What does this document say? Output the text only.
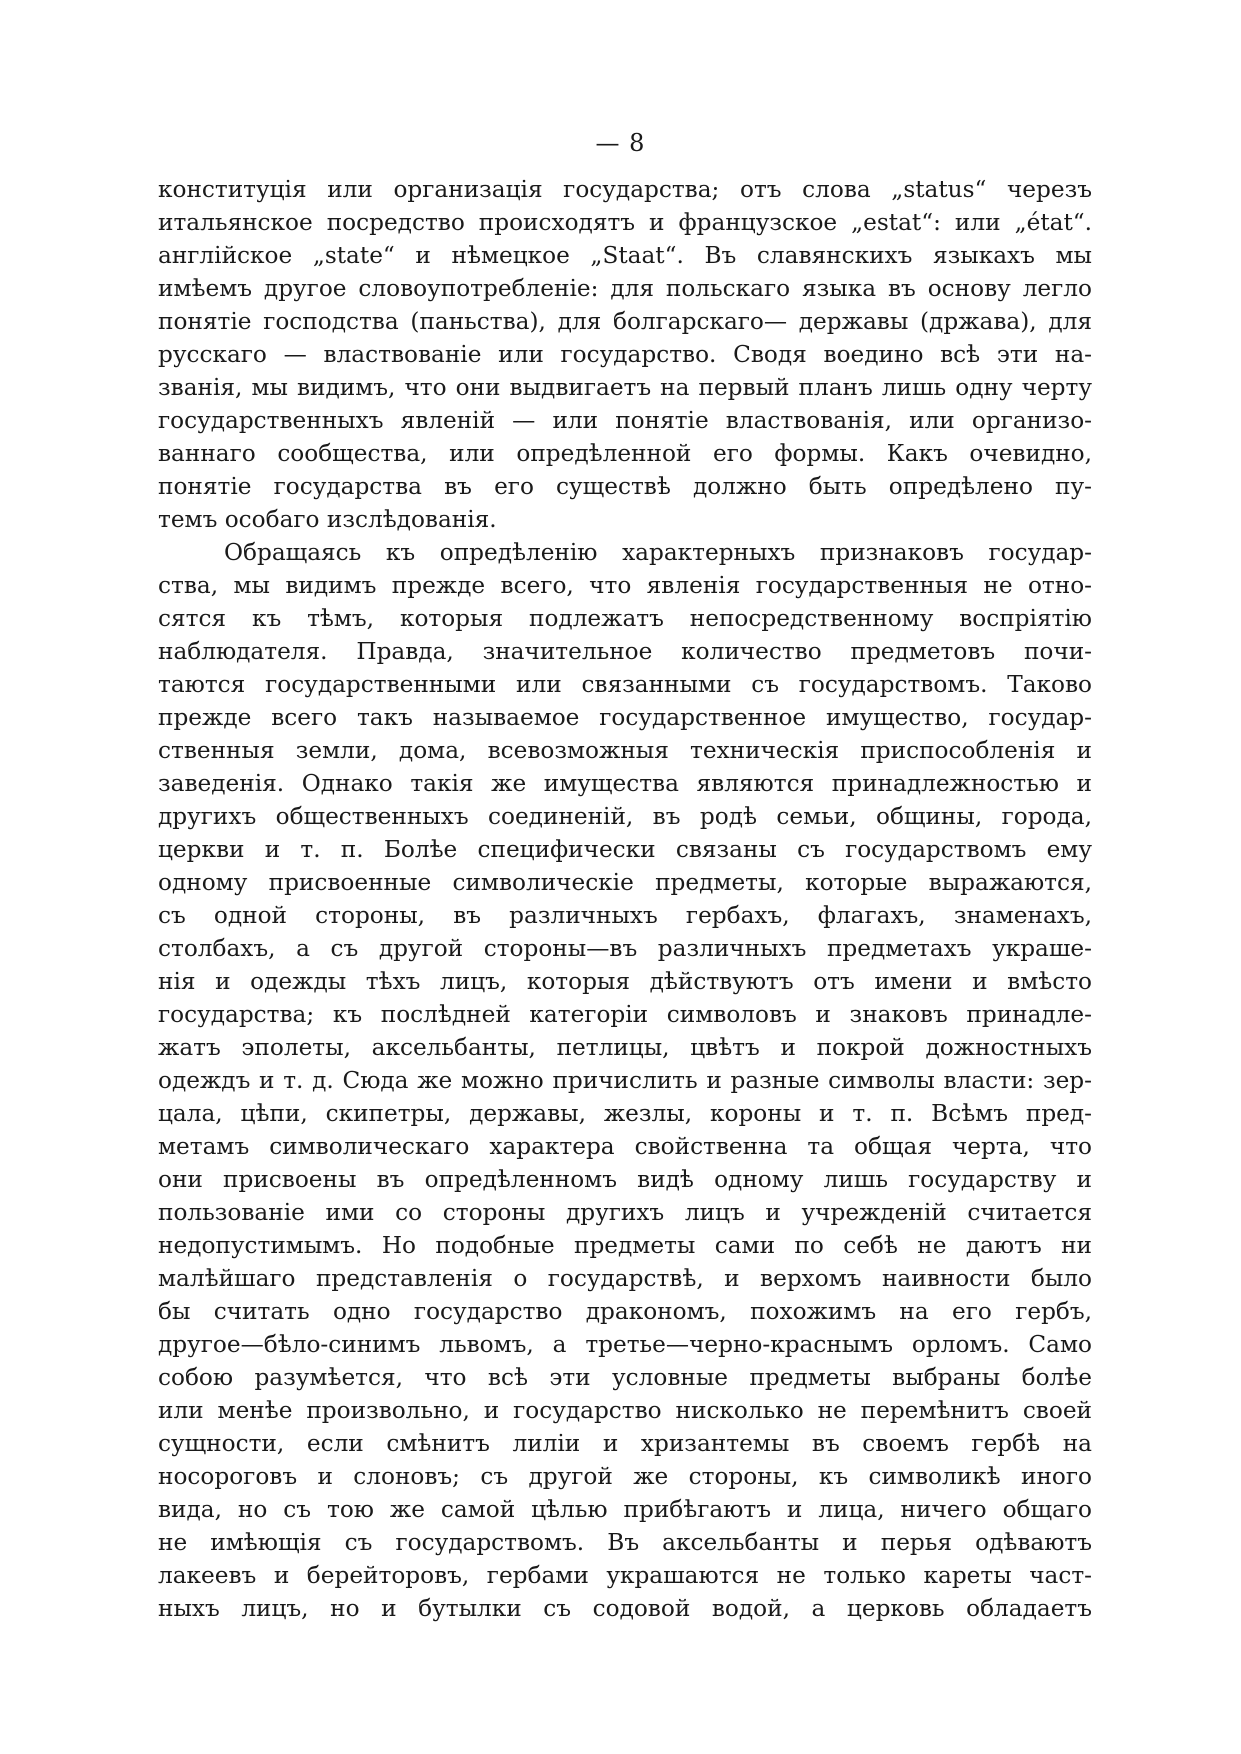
— 8
конституція или организація государства; отъ слова „status“ черезъ
итальянское посредство происходятъ и французское „estat“: или „état“.
англійское „state“ и нѣмецкое „Staat“. Въ славянскихъ языкахъ мы
имѣемъ другое словоупотребленіе: для польскаго языка въ основу легло
понятіе господства (паньства), для болгарскаго— державы (држава), для
русскаго — властвованіе или государство. Сводя воедино всѣ эти на-
званія, мы видимъ, что они выдвигаетъ на первый планъ лишь одну черту
государственныхъ явленій — или понятіе властвованія, или организо-
ваннаго сообщества, или опредѣленной его формы. Какъ очевидно,
понятіе государства въ его существѣ должно быть опредѣлено пу-
темъ особаго изслѣдованія.
Обращаясь къ опредѣленію характерныхъ признаковъ государ-
ства, мы видимъ прежде всего, что явленія государственныя не отно-
сятся къ тѣмъ, которыя подлежатъ непосредственному воспріятію
наблюдателя. Правда, значительное количество предметовъ почи-
таются государственными или связанными съ государствомъ. Таково
прежде всего такъ называемое государственное имущество, государ-
ственныя земли, дома, всевозможныя техническія приспособленія и
заведенія. Однако такія же имущества являются принадлежностью и
другихъ общественныхъ соединеній, въ родѣ семьи, общины, города,
церкви и т. п. Болѣе специфически связаны съ государствомъ ему
одному присвоенные символическіе предметы, которые выражаются,
съ одной стороны, въ различныхъ гербахъ, флагахъ, знаменахъ,
столбахъ, а съ другой стороны—въ различныхъ предметахъ украше-
нія и одежды тѣхъ лицъ, которыя дѣйствуютъ отъ имени и вмѣсто
государства; къ послѣдней категоріи символовъ и знаковъ принадле-
жатъ эполеты, аксельбанты, петлицы, цвѣтъ и покрой дожностныхъ
одеждъ и т. д. Сюда же можно причислить и разные символы власти: зер-
цала, цѣпи, скипетры, державы, жезлы, короны и т. п. Всѣмъ пред-
метамъ символическаго характера свойственна та общая черта, что
они присвоены въ опредѣленномъ видѣ одному лишь государству и
пользованіе ими со стороны другихъ лицъ и учрежденій считается
недопустимымъ. Но подобные предметы сами по себѣ не даютъ ни
малѣйшаго представленія о государствѣ, и верхомъ наивности было
бы считать одно государство дракономъ, похожимъ на его гербъ,
другое—бѣло-синимъ львомъ, а третье—черно-краснымъ орломъ. Само
собою разумѣется, что всѣ эти условные предметы выбраны болѣе
или менѣе произвольно, и государство нисколько не перемѣнитъ своей
сущности, если смѣнитъ лиліи и хризантемы въ своемъ гербѣ на
носороговъ и слоновъ; съ другой же стороны, къ символикѣ иного
вида, но съ тою же самой цѣлью прибѣгаютъ и лица, ничего общаго
не имѣющія съ государствомъ. Въ аксельбанты и перья одѣваютъ
лакеевъ и берейторовъ, гербами украшаются не только кареты част-
ныхъ лицъ, но и бутылки съ содовой водой, а церковь обладаетъ
